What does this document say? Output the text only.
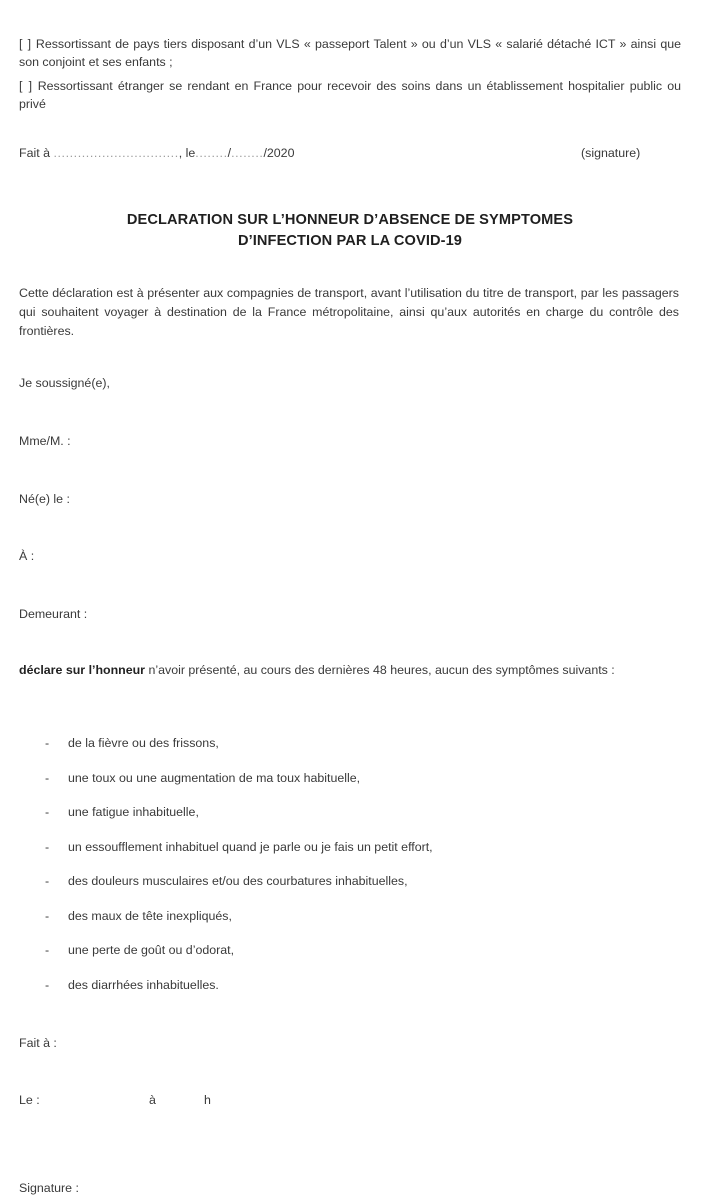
[ ] Ressortissant de pays tiers disposant d’un VLS « passeport Talent » ou d’un VLS « salarié détaché ICT » ainsi que son conjoint et ses enfants ;
[ ] Ressortissant étranger se rendant en France pour recevoir des soins dans un établissement hospitalier public ou privé
Fait à ..............................., le......../......../2020	(signature)
DECLARATION SUR L’HONNEUR D’ABSENCE DE SYMPTOMES
D’INFECTION PAR LA COVID-19
Cette déclaration est à présenter aux compagnies de transport, avant l’utilisation du titre de transport, par les passagers qui souhaitent voyager à destination de la France métropolitaine, ainsi qu’aux autorités en charge du contrôle des frontières.
Je soussigné(e),
Mme/M. :
Né(e) le :
À :
Demeurant :
déclare sur l’honneur n’avoir présenté, au cours des dernières 48 heures, aucun des symptômes suivants :
- de la fièvre ou des frissons,
- une toux ou une augmentation de ma toux habituelle,
- une fatigue inhabituelle,
- un essoufflement inhabituel quand je parle ou je fais un petit effort,
- des douleurs musculaires et/ou des courbatures inhabituelles,
- des maux de tête inexpliqués,
- une perte de goût ou d’odorat,
- des diarrhées inhabituelles.
Fait à :
Le :	à	h
Signature :
